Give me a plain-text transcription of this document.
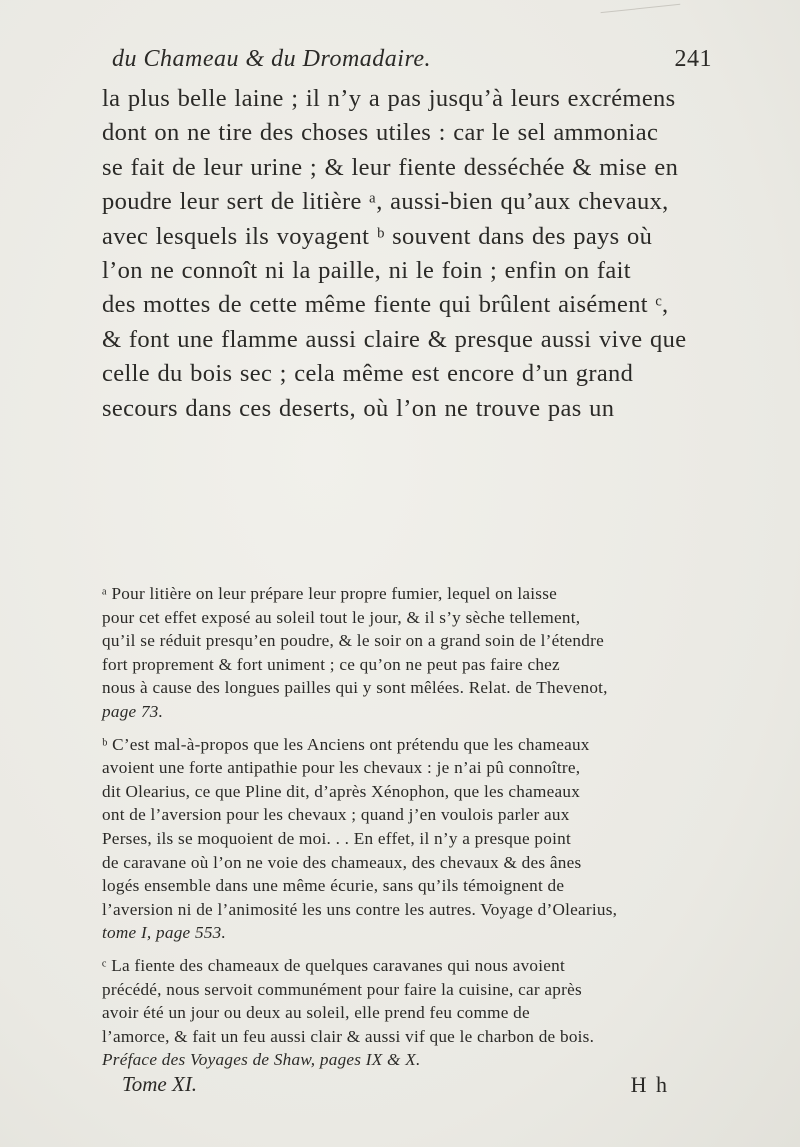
du Chameau & du Dromadaire.	241
la plus belle laine ; il n’y a pas jusqu’à leurs excrémens
dont on ne tire des choses utiles : car le sel ammoniac
se fait de leur urine ; & leur fiente desséchée & mise en
poudre leur sert de litière ᵃ, aussi-bien qu’aux chevaux,
avec lesquels ils voyagent ᵇ souvent dans des pays où
l’on ne connoît ni la paille, ni le foin ; enfin on fait
des mottes de cette même fiente qui brûlent aisément ᶜ,
& font une flamme aussi claire & presque aussi vive que
celle du bois sec ; cela même est encore d’un grand
secours dans ces deserts, où l’on ne trouve pas un
ᵃ Pour litière on leur prépare leur propre fumier, lequel on laisse
pour cet effet exposé au soleil tout le jour, & il s’y sèche tellement,
qu’il se réduit presqu’en poudre, & le soir on a grand soin de l’étendre
fort proprement & fort uniment ; ce qu’on ne peut pas faire chez
nous à cause des longues pailles qui y sont mêlées. Relat. de Thevenot,
page 73.
ᵇ C’est mal-à-propos que les Anciens ont prétendu que les chameaux
avoient une forte antipathie pour les chevaux : je n’ai pû connoître,
dit Olearius, ce que Pline dit, d’après Xénophon, que les chameaux
ont de l’aversion pour les chevaux ; quand j’en voulois parler aux
Perses, ils se moquoient de moi. . . En effet, il n’y a presque point
de caravane où l’on ne voie des chameaux, des chevaux & des ânes
logés ensemble dans une même écurie, sans qu’ils témoignent de
l’aversion ni de l’animosité les uns contre les autres. Voyage d’Olearius,
tome I, page 553.
ᶜ La fiente des chameaux de quelques caravanes qui nous avoient
précédé, nous servoit communément pour faire la cuisine, car après
avoir été un jour ou deux au soleil, elle prend feu comme de
l’amorce, & fait un feu aussi clair & aussi vif que le charbon de bois.
Préface des Voyages de Shaw, pages IX & X.
Tome XI.	H h
